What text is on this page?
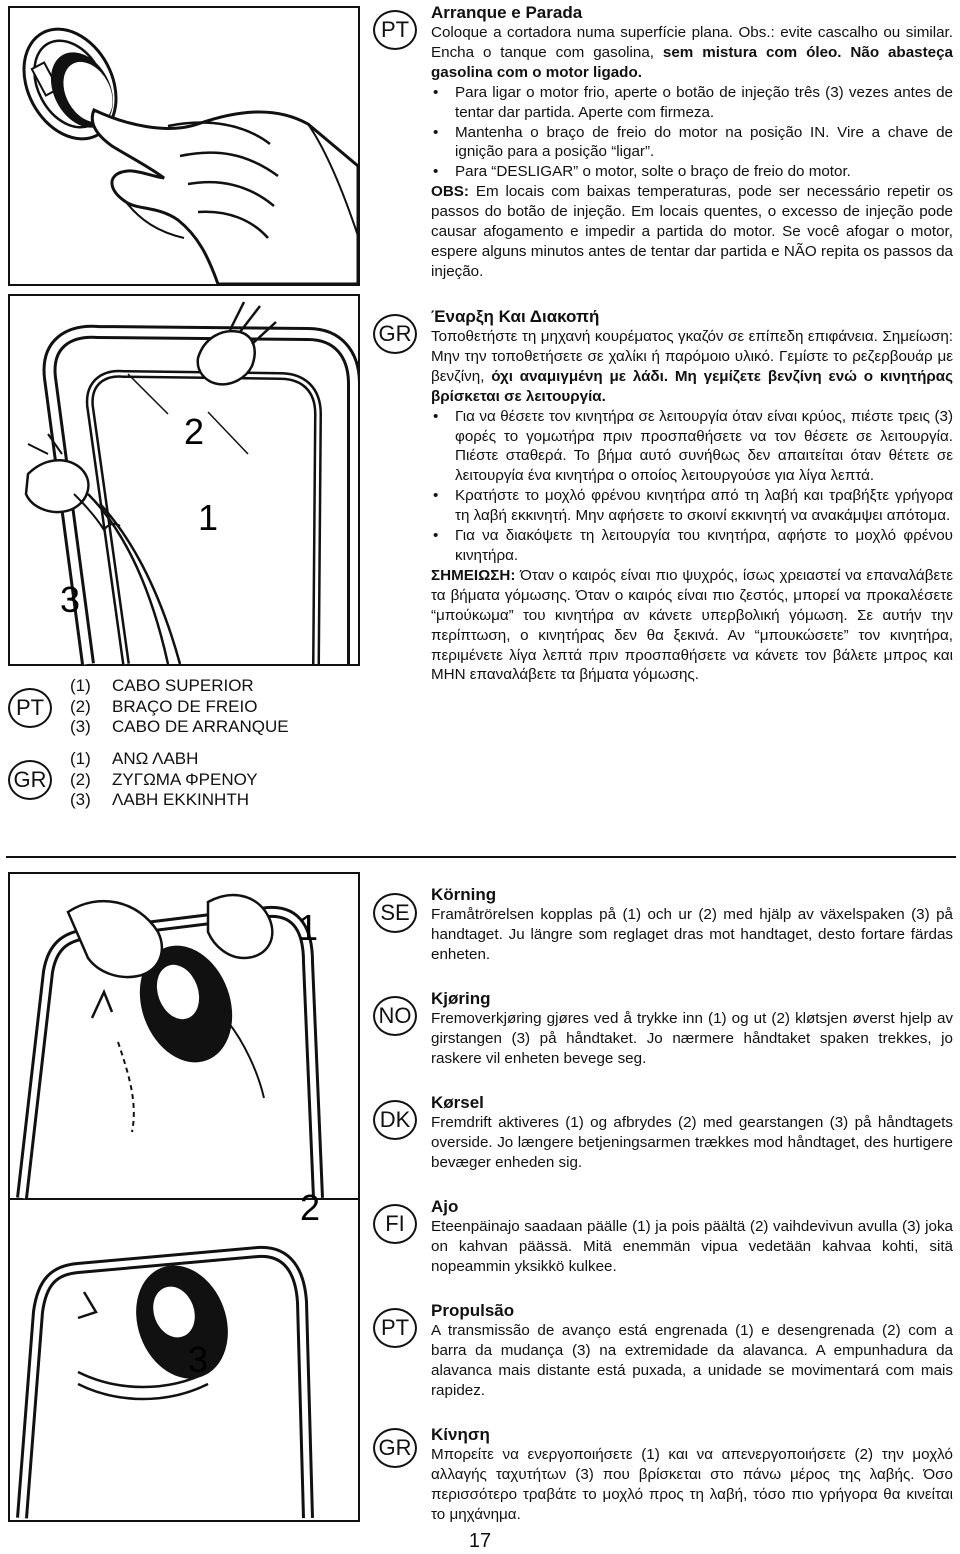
2
1
3
PT
(1)	CABO SUPERIOR
(2)	BRAÇO DE FREIO
(3)	CABO DE ARRANQUE
GR
(1)	ΑΝΩ ΛΑΒΗ
(2)	ΖΥΓΩΜΑ ΦΡΕΝΟΥ
(3)	ΛΑΒΗ ΕΚΚΙΝΗΤΗ
PT

Arranque e Parada

Coloque a cortadora numa superfície plana. Obs.: evite cascalho ou similar. Encha o tanque com gasolina, sem mistura com óleo. Não abasteça gasolina com o motor ligado.

• Para ligar o motor frio, aperte o botão de injeção três (3) vezes antes de tentar dar partida. Aperte com firmeza.
• Mantenha o braço de freio do motor na posição IN. Vire a chave de ignição para a posição “ligar”.
• Para “DESLIGAR” o motor, solte o braço de freio do motor.

OBS: Em locais com baixas temperaturas, pode ser necessário repetir os passos do botão de injeção. Em locais quentes, o excesso de injeção pode causar afogamento e impedir a partida do motor. Se você afogar o motor, espere alguns minutos antes de tentar dar partida e NÃO repita os passos da injeção.

GR

Έναρξη Και Διακοπή

Τοποθετήστε τη μηχανή κουρέματος γκαζόν σε επίπεδη επιφάνεια. Σημείωση: Μην την τοποθετήσετε σε χαλίκι ή παρόμοιο υλικό. Γεμίστε το ρεζερβουάρ με βενζίνη, όχι αναμιγμένη με λάδι. Μη γεμίζετε βενζίνη ενώ ο κινητήρας βρίσκεται σε λειτουργία.

• Για να θέσετε τον κινητήρα σε λειτουργία όταν είναι κρύος, πιέστε τρεις (3) φορές το γομωτήρα πριν προσπαθήσετε να τον θέσετε σε λειτουργία. Πιέστε σταθερά. Το βήμα αυτό συνήθως δεν απαιτείται όταν θέτετε σε λειτουργία ένα κινητήρα ο οποίος λειτουργούσε για λίγα λεπτά.
• Κρατήστε το μοχλό φρένου κινητήρα από τη λαβή και τραβήξτε γρήγορα τη λαβή εκκινητή. Μην αφήσετε το σκοινί εκκινητή να ανακάμψει απότομα.
• Για να διακόψετε τη λειτουργία του κινητήρα, αφήστε το μοχλό φρένου κινητήρα.

ΣΗΜΕΙΩΣΗ: Όταν ο καιρός είναι πιο ψυχρός, ίσως χρειαστεί να επαναλάβετε τα βήματα γόμωσης. Όταν ο καιρός είναι πιο ζεστός, μπορεί να προκαλέσετε “μπούκωμα” του κινητήρα αν κάνετε υπερβολική γόμωση. Σε αυτήν την περίπτωση, ο κινητήρας δεν θα ξεκινά. Αν “μπουκώσετε” τον κινητήρα, περιμένετε λίγα λεπτά πριν προσπαθήσετε να κάνετε τον βάλετε μπρος και ΜΗΝ επαναλάβετε τα βήματα γόμωσης.

1
2
3
SE

Körning

Framåtrörelsen kopplas på (1) och ur (2) med hjälp av växelspaken (3) på handtaget. Ju längre som reglaget dras mot handtaget, desto fortare färdas enheten.

NO

Kjøring

Fremoverkjøring gjøres ved å trykke inn (1) og ut (2) kløtsjen øverst hjelp av girstangen (3) på håndtaket. Jo nærmere håndtaket spaken trekkes, jo raskere vil enheten bevege seg.

DK

Kørsel

Fremdrift aktiveres (1) og afbrydes (2) med gearstangen (3) på håndtagets overside. Jo længere betjeningsarmen trækkes mod håndtaget, des hurtigere bevæger enheden sig.

FI

Ajo

Eteenpäinajo saadaan päälle (1) ja pois päältä (2) vaihdevivun avulla (3) joka on kahvan päässä. Mitä enemmän vipua vedetään kahvaa kohti, sitä nopeammin yksikkö kulkee.

PT

Propulsão

A transmissão de avanço está engrenada (1) e desengrenada (2) com a barra da mudança (3) na extremidade da alavanca. A empunhadura da alavanca mais distante está puxada, a unidade se movimentará com mais rapidez.

GR

Κίνηση

Μπορείτε να ενεργοποιήσετε (1) και να απενεργοποιήσετε (2) την μοχλό αλλαγής ταχυτήτων (3) που βρίσκεται στο πάνω μέρος της λαβής. Όσο περισσότερο τραβάτε το μοχλό προς τη λαβή, τόσο πιο γρήγορα θα κινείται το μηχάνημα.

17
